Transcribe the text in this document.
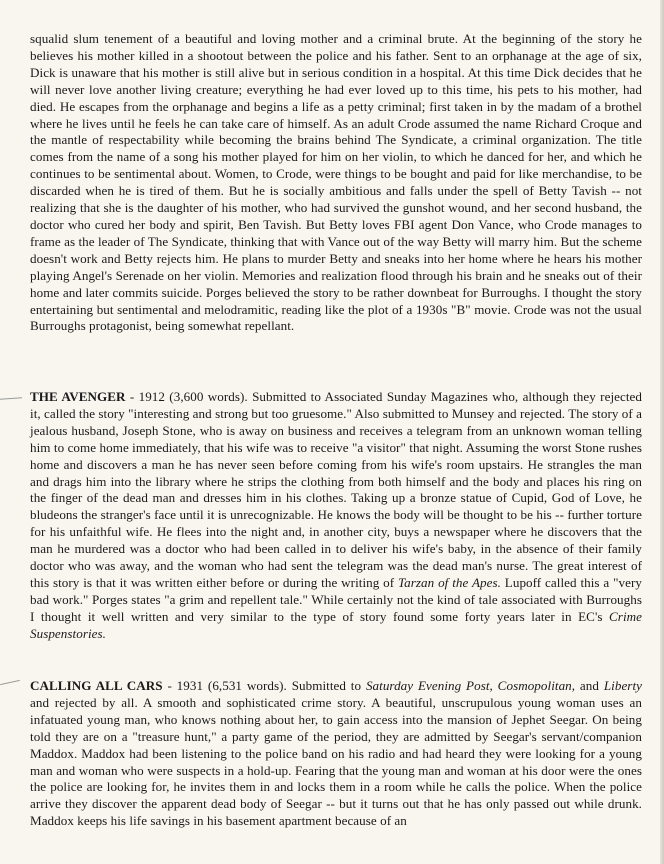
squalid slum tenement of a beautiful and loving mother and a criminal brute. At the beginning of the story he believes his mother killed in a shootout between the police and his father. Sent to an orphanage at the age of six, Dick is unaware that his mother is still alive but in serious condition in a hospital. At this time Dick decides that he will never love another living creature; everything he had ever loved up to this time, his pets to his mother, had died. He escapes from the orphanage and begins a life as a petty criminal; first taken in by the madam of a brothel where he lives until he feels he can take care of himself. As an adult Crode assumed the name Richard Croque and the mantle of respectability while becoming the brains behind The Syndicate, a criminal organization. The title comes from the name of a song his mother played for him on her violin, to which he danced for her, and which he continues to be sentimental about. Women, to Crode, were things to be bought and paid for like merchandise, to be discarded when he is tired of them. But he is socially ambitious and falls under the spell of Betty Tavish -- not realizing that she is the daughter of his mother, who had survived the gunshot wound, and her second husband, the doctor who cured her body and spirit, Ben Tavish. But Betty loves FBI agent Don Vance, who Crode manages to frame as the leader of The Syndicate, thinking that with Vance out of the way Betty will marry him. But the scheme doesn't work and Betty rejects him. He plans to murder Betty and sneaks into her home where he hears his mother playing Angel's Serenade on her violin. Memories and realization flood through his brain and he sneaks out of their home and later commits suicide. Porges believed the story to be rather downbeat for Burroughs. I thought the story entertaining but sentimental and melodramitic, reading like the plot of a 1930s "B" movie. Crode was not the usual Burroughs protagonist, being somewhat repellant.

THE AVENGER - 1912 (3,600 words). Submitted to Associated Sunday Magazines who, although they rejected it, called the story "interesting and strong but too gruesome." Also submitted to Munsey and rejected. The story of a jealous husband, Joseph Stone, who is away on business and receives a telegram from an unknown woman telling him to come home immediately, that his wife was to receive "a visitor" that night. Assuming the worst Stone rushes home and discovers a man he has never seen before coming from his wife's room upstairs. He strangles the man and drags him into the library where he strips the clothing from both himself and the body and places his ring on the finger of the dead man and dresses him in his clothes. Taking up a bronze statue of Cupid, God of Love, he bludeons the stranger's face until it is unrecognizable. He knows the body will be thought to be his -- further torture for his unfaithful wife. He flees into the night and, in another city, buys a newspaper where he discovers that the man he murdered was a doctor who had been called in to deliver his wife's baby, in the absence of their family doctor who was away, and the woman who had sent the telegram was the dead man's nurse. The great interest of this story is that it was written either before or during the writing of Tarzan of the Apes. Lupoff called this a "very bad work." Porges states "a grim and repellent tale." While certainly not the kind of tale associated with Burroughs I thought it well written and very similar to the type of story found some forty years later in EC's Crime Suspenstories.

CALLING ALL CARS - 1931 (6,531 words). Submitted to Saturday Evening Post, Cosmopolitan, and Liberty and rejected by all. A smooth and sophisticated crime story. A beautiful, unscrupulous young woman uses an infatuated young man, who knows nothing about her, to gain access into the mansion of Jephet Seegar. On being told they are on a "treasure hunt," a party game of the period, they are admitted by Seegar's servant/companion Maddox. Maddox had been listening to the police band on his radio and had heard they were looking for a young man and woman who were suspects in a hold-up. Fearing that the young man and woman at his door were the ones the police are looking for, he invites them in and locks them in a room while he calls the police. When the police arrive they discover the apparent dead body of Seegar -- but it turns out that he has only passed out while drunk. Maddox keeps his life savings in his basement apartment because of an
